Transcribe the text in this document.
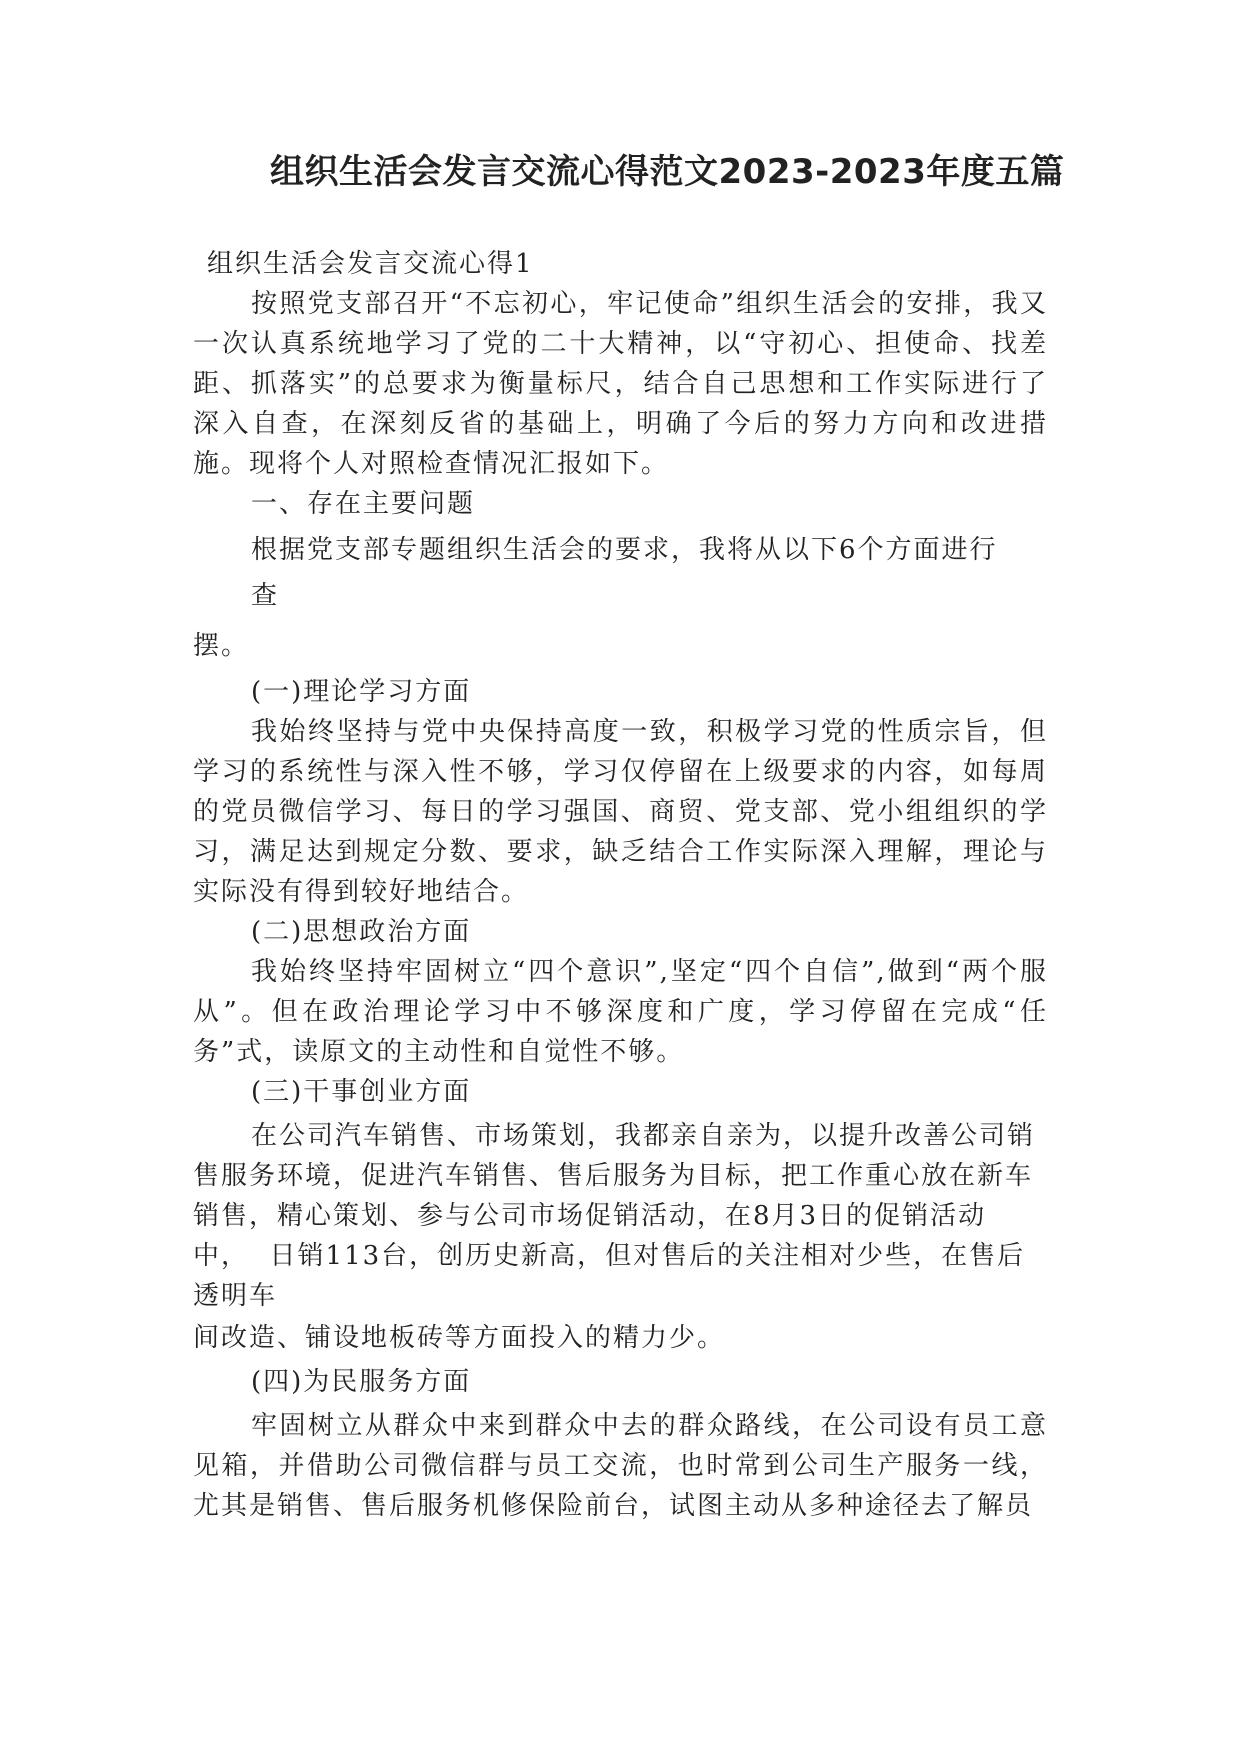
组织生活会发言交流心得范文2023-2023年度五篇

组织生活会发言交流心得1

按照党支部召开“不忘初心，牢记使命”组织生活会的安排，我又一次认真系统地学习了党的二十大精神，以“守初心、担使命、找差距、抓落实”的总要求为衡量标尺，结合自己思想和工作实际进行了深入自查，在深刻反省的基础上，明确了今后的努力方向和改进措施。现将个人对照检查情况汇报如下。

一、存在主要问题

根据党支部专题组织生活会的要求，我将从以下6个方面进行

查

摆。

(一)理论学习方面

我始终坚持与党中央保持高度一致，积极学习党的性质宗旨，但学习的系统性与深入性不够，学习仅停留在上级要求的内容，如每周的党员微信学习、每日的学习强国、商贸、党支部、党小组组织的学习，满足达到规定分数、要求，缺乏结合工作实际深入理解，理论与实际没有得到较好地结合。

(二)思想政治方面

我始终坚持牢固树立“四个意识”,坚定“四个自信”,做到“两个服从”。但在政治理论学习中不够深度和广度，学习停留在完成“任务”式，读原文的主动性和自觉性不够。

(三)干事创业方面

在公司汽车销售、市场策划，我都亲自亲为，以提升改善公司销

售服务环境，促进汽车销售、售后服务为目标，把工作重心放在新车

销售，精心策划、参与公司市场促销活动，在8月3日的促销活动

中，  日销113台，创历史新高，但对售后的关注相对少些，在售后

透明车

间改造、铺设地板砖等方面投入的精力少。

(四)为民服务方面

牢固树立从群众中来到群众中去的群众路线，在公司设有员工意见箱，并借助公司微信群与员工交流，也时常到公司生产服务一线，尤其是销售、售后服务机修保险前台，试图主动从多种途径去了解员
